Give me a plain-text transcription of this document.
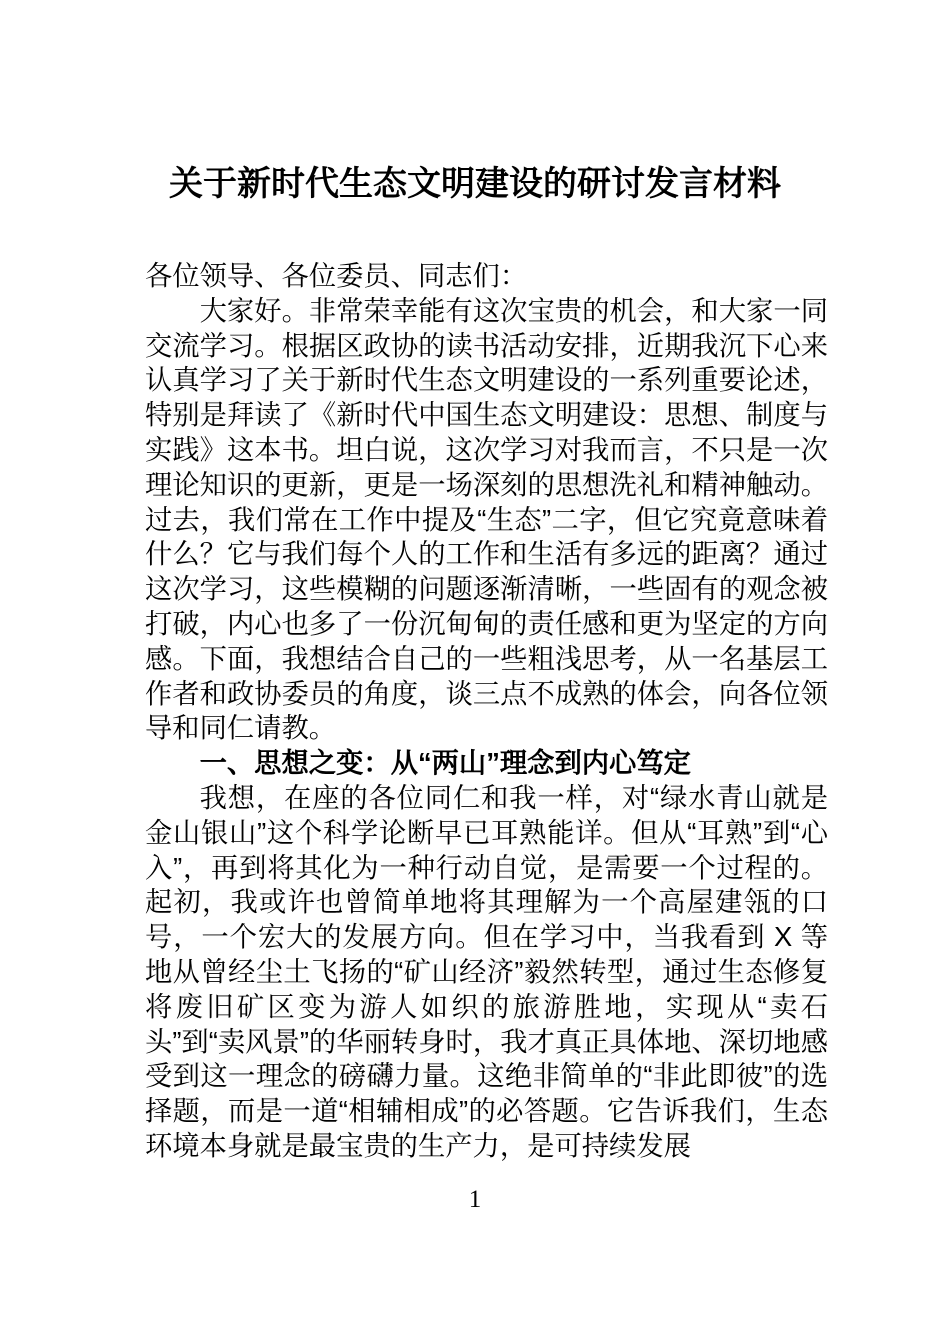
关于新时代生态文明建设的研讨发言材料

各位领导、各位委员、同志们：

大家好。非常荣幸能有这次宝贵的机会，和大家一同交流学习。根据区政协的读书活动安排，近期我沉下心来认真学习了关于新时代生态文明建设的一系列重要论述，特别是拜读了《新时代中国生态文明建设：思想、制度与实践》这本书。坦白说，这次学习对我而言，不只是一次理论知识的更新，更是一场深刻的思想洗礼和精神触动。过去，我们常在工作中提及“生态”二字，但它究竟意味着什么？它与我们每个人的工作和生活有多远的距离？通过这次学习，这些模糊的问题逐渐清晰，一些固有的观念被打破，内心也多了一份沉甸甸的责任感和更为坚定的方向感。下面，我想结合自己的一些粗浅思考，从一名基层工作者和政协委员的角度，谈三点不成熟的体会，向各位领导和同仁请教。

一、思想之变：从“两山”理念到内心笃定

我想，在座的各位同仁和我一样，对“绿水青山就是金山银山”这个科学论断早已耳熟能详。但从“耳熟”到“心入”，再到将其化为一种行动自觉，是需要一个过程的。起初，我或许也曾简单地将其理解为一个高屋建瓴的口号，一个宏大的发展方向。但在学习中，当我看到 X 等地从曾经尘土飞扬的“矿山经济”毅然转型，通过生态修复将废旧矿区变为游人如织的旅游胜地，实现从“卖石头”到“卖风景”的华丽转身时，我才真正具体地、深切地感受到这一理念的磅礴力量。这绝非简单的“非此即彼”的选择题，而是一道“相辅相成”的必答题。它告诉我们，生态环境本身就是最宝贵的生产力，是可持续发展

1
